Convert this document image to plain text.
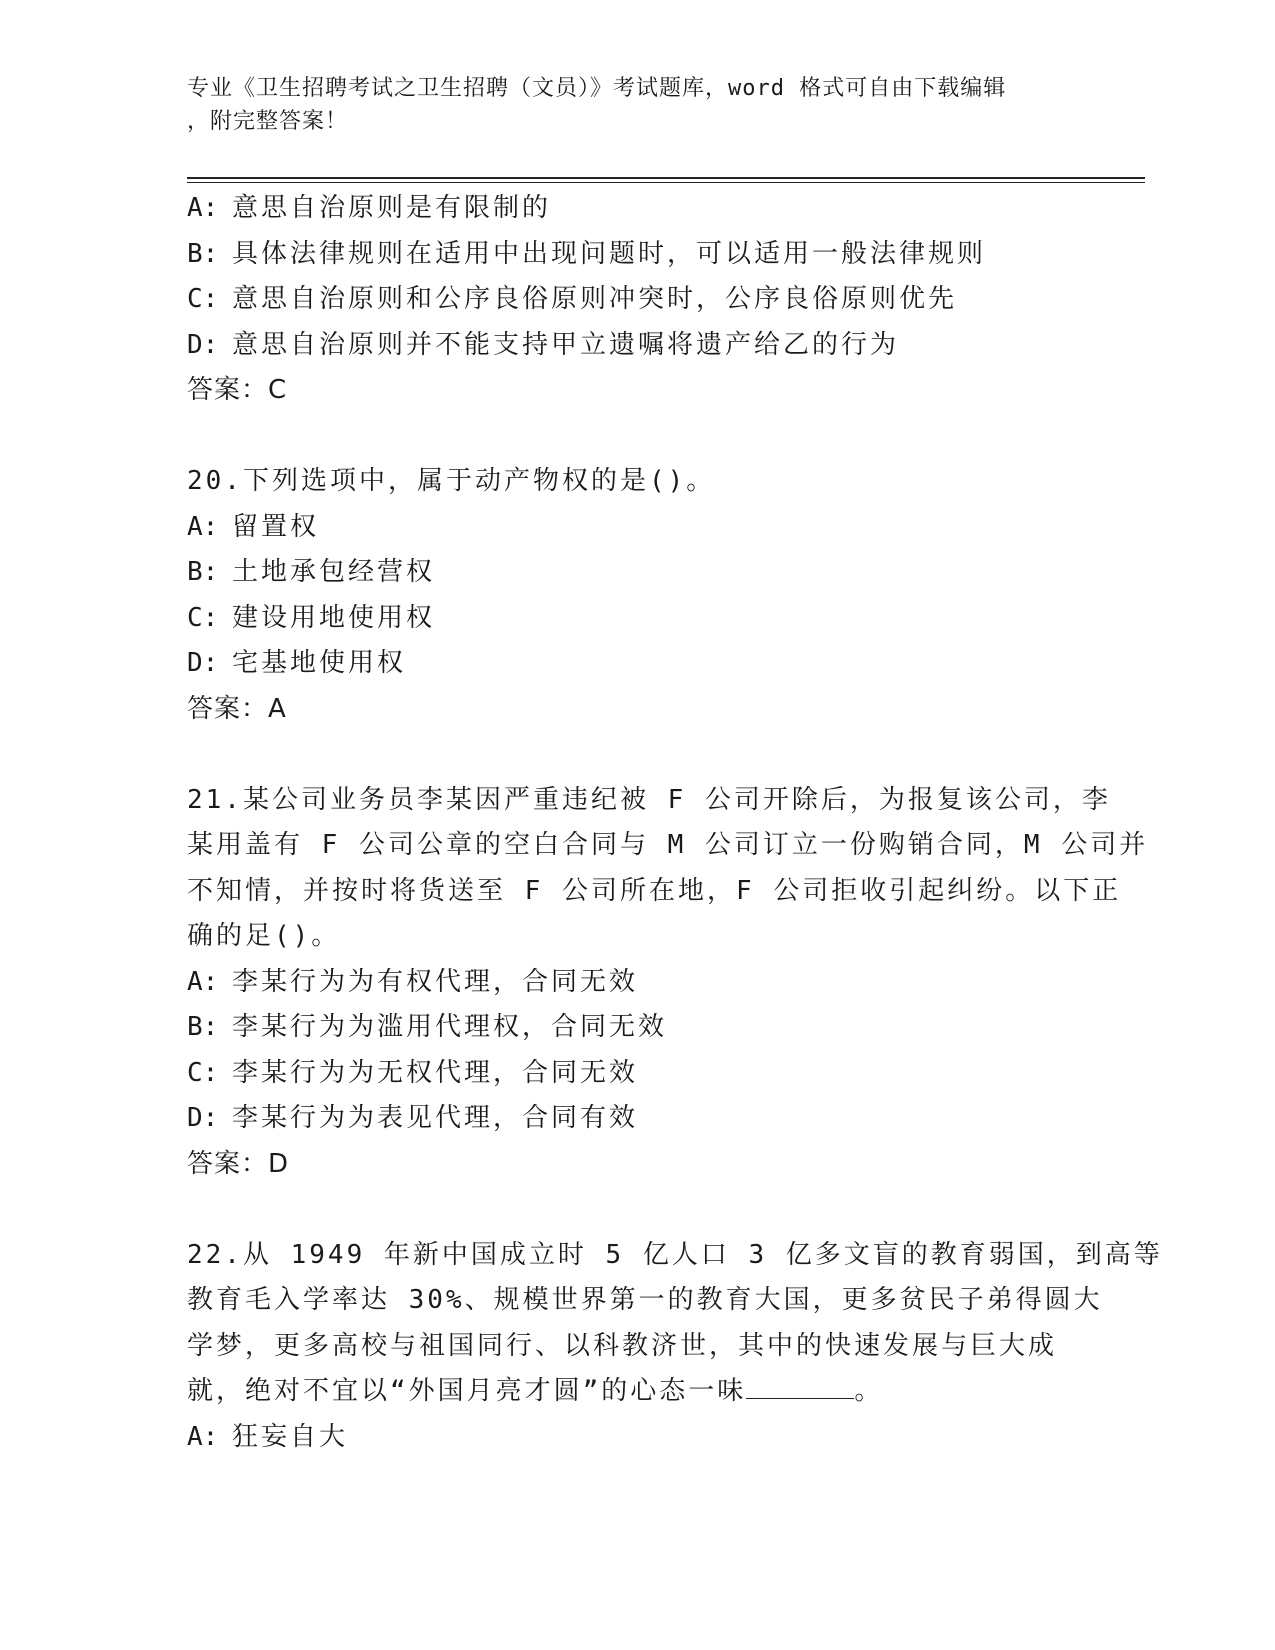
专业《卫生招聘考试之卫生招聘（文员）》考试题库，word 格式可自由下载编辑
，附完整答案！
A: 意思自治原则是有限制的
B: 具体法律规则在适用中出现问题时，可以适用一般法律规则
C: 意思自治原则和公序良俗原则冲突时，公序良俗原则优先
D: 意思自治原则并不能支持甲立遗嘱将遗产给乙的行为
答案：C
20.下列选项中，属于动产物权的是()。
A: 留置权
B: 土地承包经营权
C: 建设用地使用权
D: 宅基地使用权
答案：A
21.某公司业务员李某因严重违纪被 F 公司开除后，为报复该公司，李
某用盖有 F 公司公章的空白合同与 M 公司订立一份购销合同，M 公司并
不知情，并按时将货送至 F 公司所在地，F 公司拒收引起纠纷。以下正
确的足()。
A: 李某行为为有权代理，合同无效
B: 李某行为为滥用代理权，合同无效
C: 李某行为为无权代理，合同无效
D: 李某行为为表见代理，合同有效
答案：D
22.从 1949 年新中国成立时 5 亿人口 3 亿多文盲的教育弱国，到高等
教育毛入学率达 30%、规模世界第一的教育大国，更多贫民子弟得圆大
学梦，更多高校与祖国同行、以科教济世，其中的快速发展与巨大成
就，绝对不宜以“外国月亮才圆”的心态一味	。
A: 狂妄自大
